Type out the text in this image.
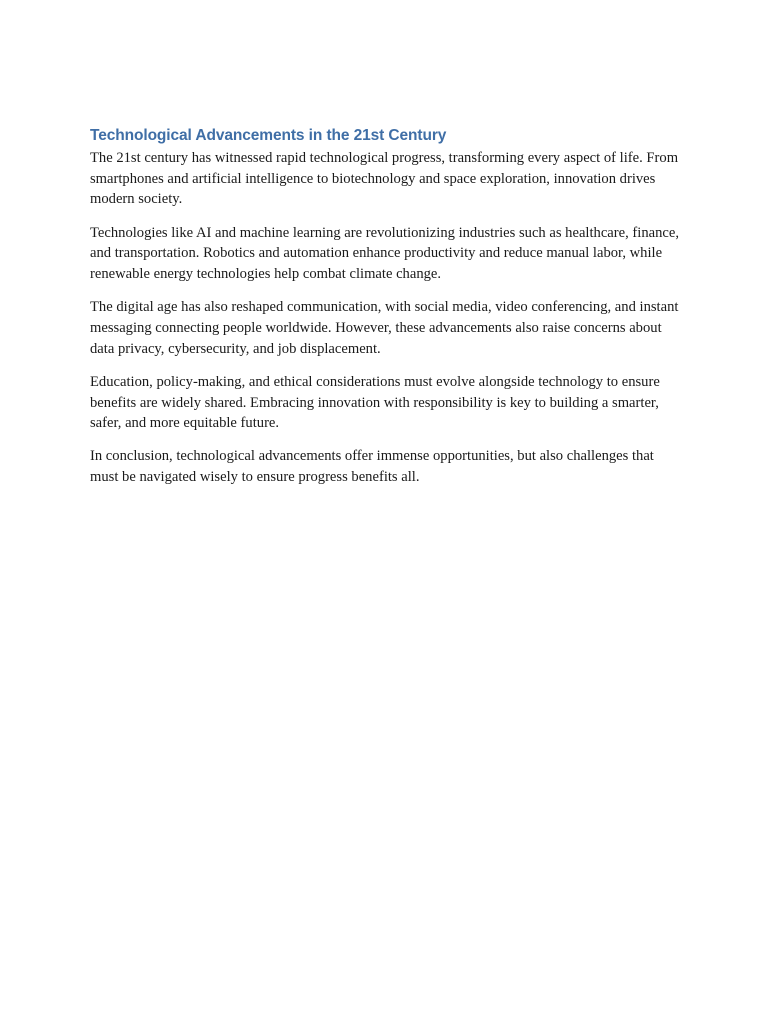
Technological Advancements in the 21st Century

The 21st century has witnessed rapid technological progress, transforming every aspect of life. From smartphones and artificial intelligence to biotechnology and space exploration, innovation drives modern society.

Technologies like AI and machine learning are revolutionizing industries such as healthcare, finance, and transportation. Robotics and automation enhance productivity and reduce manual labor, while renewable energy technologies help combat climate change.

The digital age has also reshaped communication, with social media, video conferencing, and instant messaging connecting people worldwide. However, these advancements also raise concerns about data privacy, cybersecurity, and job displacement.

Education, policy-making, and ethical considerations must evolve alongside technology to ensure benefits are widely shared. Embracing innovation with responsibility is key to building a smarter, safer, and more equitable future.

In conclusion, technological advancements offer immense opportunities, but also challenges that must be navigated wisely to ensure progress benefits all.
